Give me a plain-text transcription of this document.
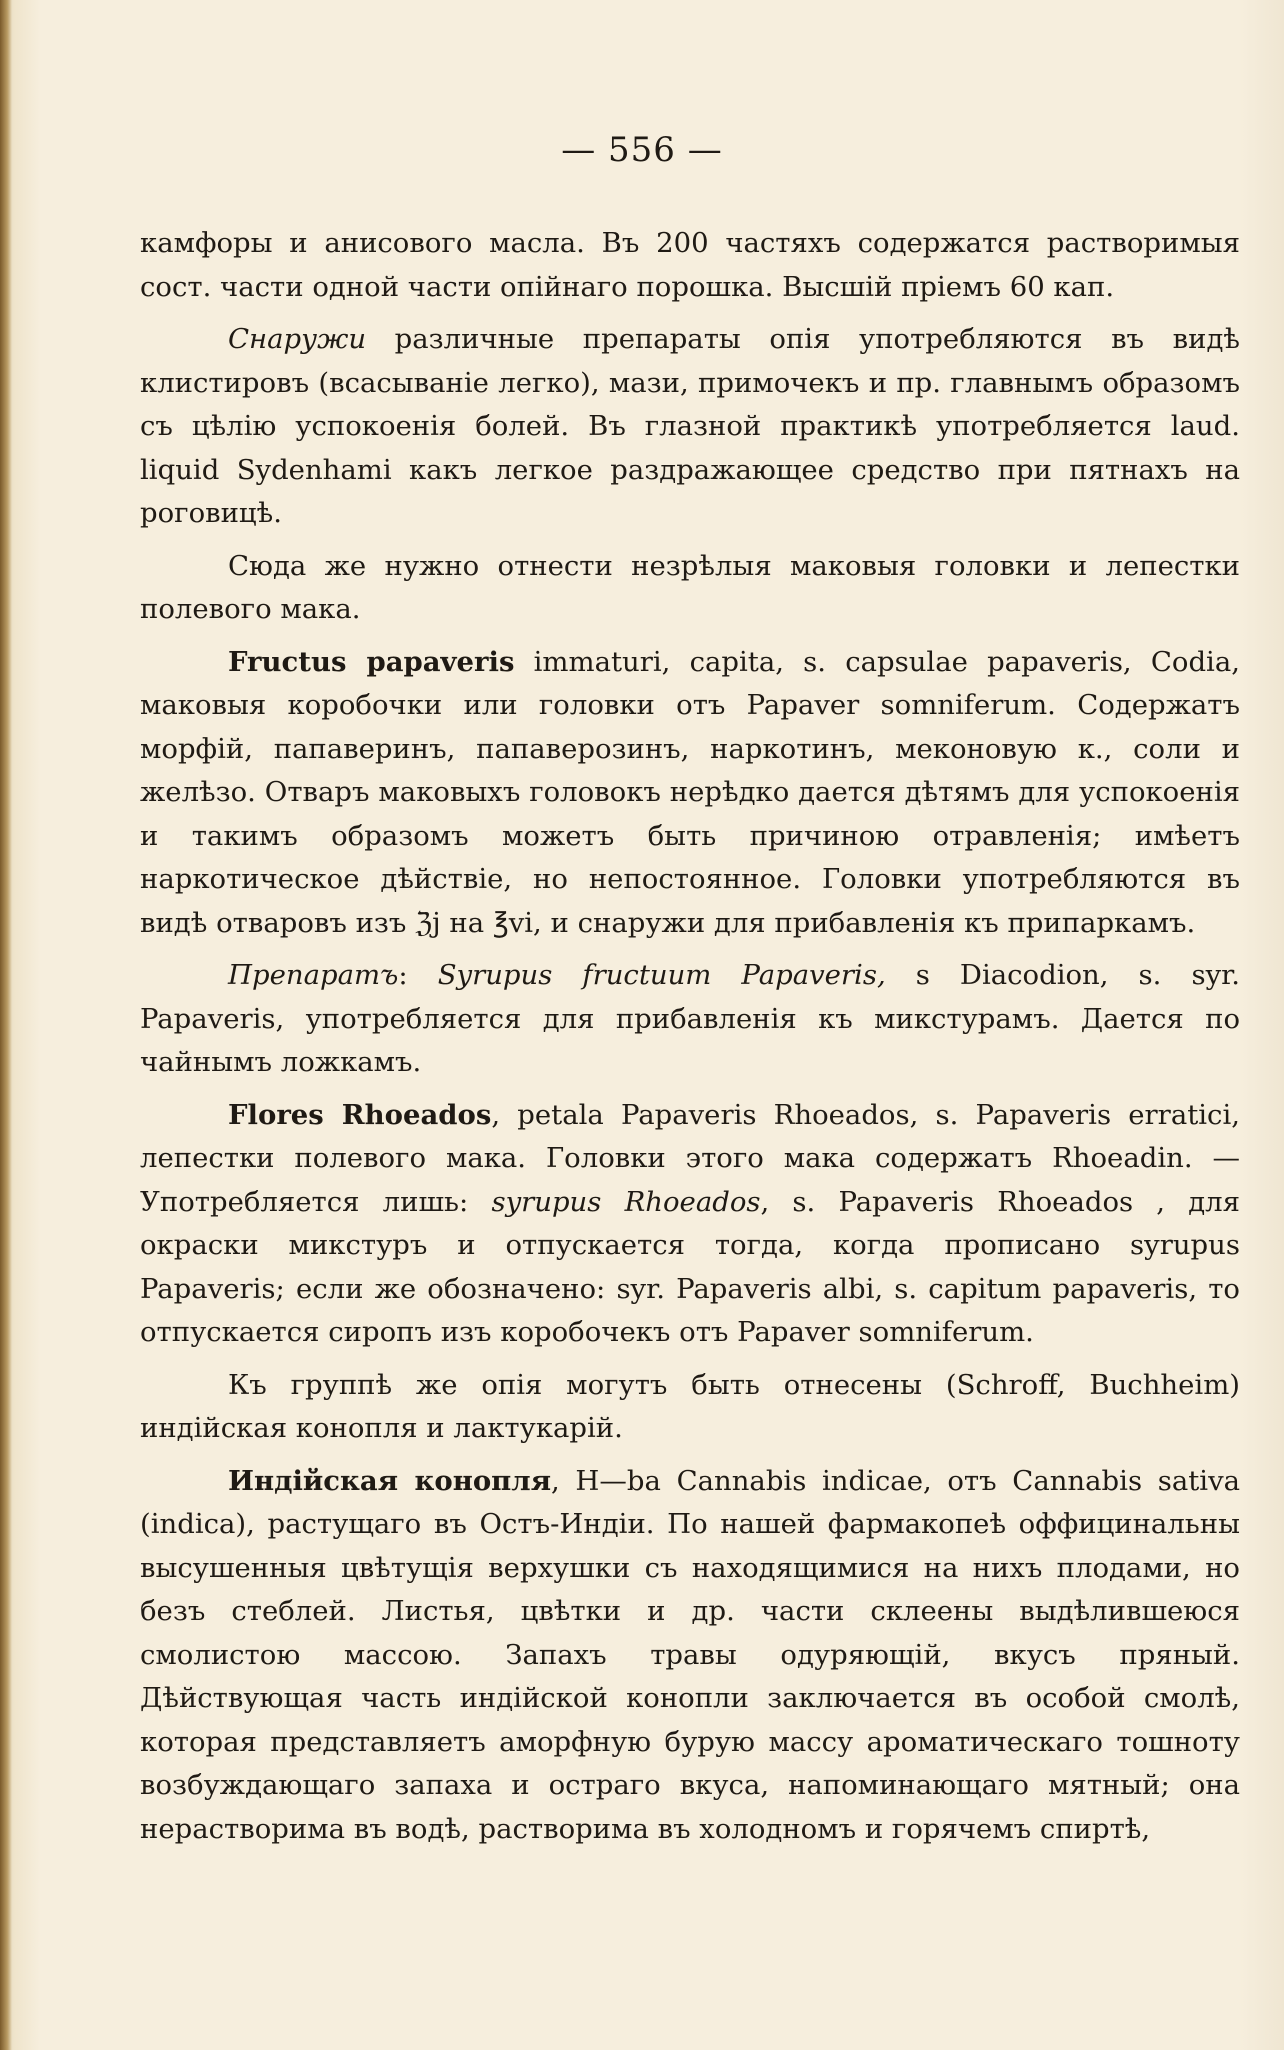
— 556 —

камфоры и анисового масла. Въ 200 частяхъ содержатся растворимыя сост. части одной части опійнаго порошка. Высшій пріемъ 60 кап.

Снаружи различные препараты опія употребляются въ видѣ клистировъ (всасываніе легко), мази, примочекъ и пр. главнымъ образомъ съ цѣлію успокоенія болей. Въ глазной практикѣ употребляется laud. liquid Sydenhami какъ легкое раздражающее средство при пятнахъ на роговицѣ.

Сюда же нужно отнести незрѣлыя маковыя головки и лепестки полевого мака.

Fructus papaveris immaturi, capita, s. capsulae papaveris, Codia, маковыя коробочки или головки отъ Papaver somniferum. Содержатъ морфій, папаверинъ, папаверозинъ, наркотинъ, меконовую к., соли и желѣзо. Отваръ маковыхъ головокъ нерѣдко дается дѣтямъ для успокоенія и такимъ образомъ можетъ быть причиною отравленія; имѣетъ наркотическое дѣйствіе, но непостоянное. Головки употребляются въ видѣ отваровъ изъ ℨj на ℥vi, и снаружи для прибавленія къ припаркамъ.

Препаратъ: Syrupus fructuum Papaveris, s Diacodion, s. syr. Papaveris, употребляется для прибавленія къ микстурамъ. Дается по чайнымъ ложкамъ.

Flores Rhoeados, petala Papaveris Rhoeados, s. Papaveris erratici, лепестки полевого мака. Головки этого мака содержатъ Rhoeadin. — Употребляется лишь: syrupus Rhoeados, s. Papaveris Rhoeados , для окраски микстуръ и отпускается тогда, когда прописано syrupus Papaveris; если же обозначено: syr. Papaveris albi, s. capitum papaveris, то отпускается сиропъ изъ коробочекъ отъ Papaver somniferum.

Къ группѣ же опія могутъ быть отнесены (Schroff, Buchheim) индійская конопля и лактукарій.

Индійская конопля, H—ba Cannabis indicae, отъ Cannabis sativa (indica), растущаго въ Остъ-Индіи. По нашей фармакопеѣ оффицинальны высушенныя цвѣтущія верхушки съ находящимися на нихъ плодами, но безъ стеблей. Листья, цвѣтки и др. части склеены выдѣлившеюся смолистою массою. Запахъ травы одуряющій, вкусъ пряный. Дѣйствующая часть индійской конопли заключается въ особой смолѣ, которая представляетъ аморфную бурую массу ароматическаго тошноту возбуждающаго запаха и остраго вкуса, напоминающаго мятный; она нерастворима въ водѣ, растворима въ холодномъ и горячемъ спиртѣ,
